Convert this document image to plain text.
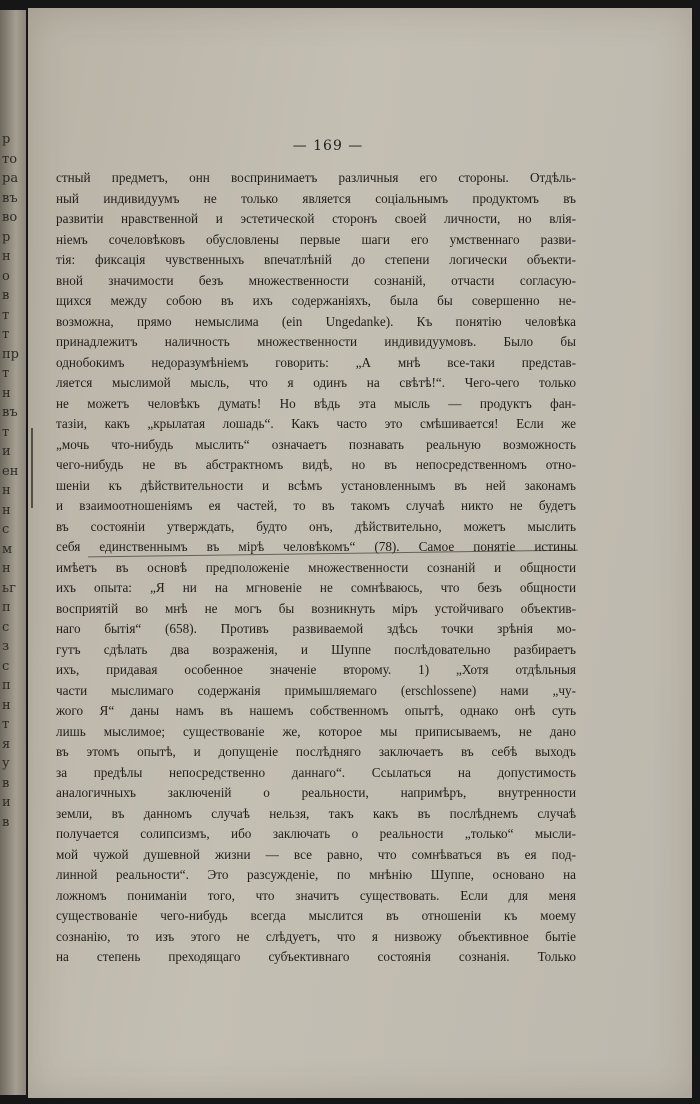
р
то
ра
въ
во
р
н
о
в
т
т
пр
т
н
въ
т
и
ен
н
н
с
м
н
ьг
п
с
з
с
п
н
т
я
у
в
и
в
— 169 —
стный предметъ, онн воспринимаетъ различныя его стороны. Отдѣль-
ный индивидуумъ не только является соціальнымъ продуктомъ въ
развитіи нравственной и эстетической сторонъ своей личности, но влія-
ніемъ сочеловѣковъ обусловлены первые шаги его умственнаго разви-
тія: фиксація чувственныхъ впечатлѣній до степени логически объекти-
вной значимости безъ множественности сознаній, отчасти согласую-
щихся между собою въ ихъ содержаніяхъ, была бы совершенно не-
возможна, прямо немыслима (ein Ungedanke). Къ понятію человѣка
принадлежитъ наличность множественности индивидуумовъ. Было бы
однобокимъ недоразумѣніемъ говорить: „А мнѣ все-таки представ-
ляется мыслимой мысль, что я одинъ на свѣтѣ!“. Чего-чего только
не можетъ человѣкъ думать! Но вѣдь эта мысль — продуктъ фан-
тазіи, какъ „крылатая лошадь“. Какъ часто это смѣшивается! Если же
„мочь что-нибудь мыслить“ означаетъ познавать реальную возможность
чего-нибудь не въ абстрактномъ видѣ, но въ непосредственномъ отно-
шеніи къ дѣйствительности и всѣмъ установленнымъ въ ней законамъ
и взаимоотношеніямъ ея частей, то въ такомъ случаѣ никто не будетъ
въ состояніи утверждать, будто онъ, дѣйствительно, можетъ мыслить
себя единственнымъ въ мірѣ человѣкомъ“ (78). Самое понятіе истины
имѣетъ въ основѣ предположеніе множественности сознаній и общности
ихъ опыта: „Я ни на мгновеніе не сомнѣваюсь, что безъ общности
восприятій во мнѣ не могъ бы возникнуть міръ устойчиваго объектив-
наго бытія“ (658). Противъ развиваемой здѣсь точки зрѣнія мо-
гутъ сдѣлать два возраженія, и Шуппе послѣдовательно разбираетъ
ихъ, придавая особенное значеніе второму. 1) „Хотя отдѣльныя
части мыслимаго содержанія примышляемаго (erschlossene) нами „чу-
жого Я“ даны намъ въ нашемъ собственномъ опытѣ, однако онѣ суть
лишь мыслимое; существованіе же, которое мы приписываемъ, не дано
въ этомъ опытѣ, и допущеніе послѣдняго заключаетъ въ себѣ выходъ
за предѣлы непосредственно даннаго“. Ссылаться на допустимость
аналогичныхъ заключеній о реальности, напримѣръ, внутренности
земли, въ данномъ случаѣ нельзя, такъ какъ въ послѣднемъ случаѣ
получается солипсизмъ, ибо заключать о реальности „только“ мысли-
мой чужой душевной жизни — все равно, что сомнѣваться въ ея под-
линной реальности“. Это разсужденіе, по мнѣнію Шуппе, основано на
ложномъ пониманіи того, что значитъ существовать. Если для меня
существованіе чего-нибудь всегда мыслится въ отношеніи къ моему
сознанію, то изъ этого не слѣдуетъ, что я низвожу объективное бытіе
на степень преходящаго субъективнаго состоянія сознанія. Только
